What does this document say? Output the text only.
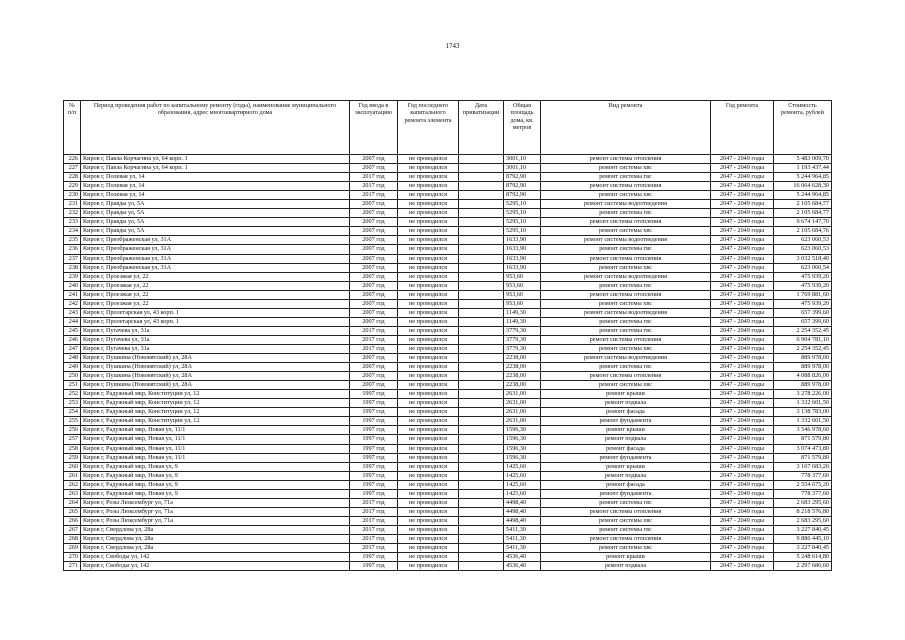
1743
№ п/п	Период проведения работ по капитальному ремонту (годы), наименование муниципального образования, адрес многоквартирного дома	Год ввода в эксплуатацию	Год последнего капитального ремонта элемента	Дата приватизации	Общая площадь дома, кв. метров	Вид ремонта	Год ремонта	Стоимость ремонта, рублей
226	Киров г, Павла Корчагина ул, 64 корп. 1	2007 год	не проводился		3001,10	ремонт системы отопления	2047 - 2049 годы	5 483 009,70
227	Киров г, Павла Корчагина ул, 64 корп. 1	2007 год	не проводился		3001,10	ремонт системы хвс	2047 - 2049 годы	1 193 437,44
228	Киров г, Полевая ул, 14	2017 год	не проводился		8792,90	ремонт системы гвс	2047 - 2049 годы	5 244 964,85
229	Киров г, Полевая ул, 14	2017 год	не проводился		8792,90	ремонт системы отопления	2047 - 2049 годы	16 064 628,30
230	Киров г, Полевая ул, 14	2017 год	не проводился		8792,90	ремонт системы хвс	2047 - 2049 годы	5 244 964,85
231	Киров г, Правды ул, 5А	2007 год	не проводился		5295,10	ремонт системы водоотведения	2047 - 2049 годы	2 105 684,77
232	Киров г, Правды ул, 5А	2007 год	не проводился		5295,10	ремонт системы гвс	2047 - 2049 годы	2 105 684,77
233	Киров г, Правды ул, 5А	2007 год	не проводился		5295,10	ремонт системы отопления	2047 - 2049 годы	9 674 147,70
234	Киров г, Правды ул, 5А	2007 год	не проводился		5295,10	ремонт системы хвс	2047 - 2049 годы	2 105 684,76
235	Киров г, Преображенская ул, 31А	2007 год	не проводился		1633,90	ремонт системы водоотведения	2047 - 2049 годы	623 060,53
236	Киров г, Преображенская ул, 31А	2007 год	не проводился		1633,90	ремонт системы гвс	2047 - 2049 годы	623 060,53
237	Киров г, Преображенская ул, 31А	2007 год	не проводился		1633,90	ремонт системы отопления	2047 - 2049 годы	3 032 518,40
238	Киров г, Преображенская ул, 31А	2007 год	не проводился		1633,90	ремонт системы хвс	2047 - 2049 годы	623 060,54
239	Киров г, Проезжая ул, 22	2007 год	не проводился		953,60	ремонт системы водоотведения	2047 - 2049 годы	475 939,20
240	Киров г, Проезжая ул, 22	2007 год	не проводился		953,60	ремонт системы гвс	2047 - 2049 годы	475 939,20
241	Киров г, Проезжая ул, 22	2007 год	не проводился		953,60	ремонт системы отопления	2047 - 2049 годы	1 769 881,60
242	Киров г, Проезжая ул, 22	2007 год	не проводился		953,60	ремонт системы хвс	2047 - 2049 годы	475 939,20
243	Киров г, Пролетарская ул, 43 корп. 1	2007 год	не проводился		1149,30	ремонт системы водоотведения	2047 - 2049 годы	657 399,60
244	Киров г, Пролетарская ул, 43 корп. 1	2007 год	не проводился		1149,30	ремонт системы гвс	2047 - 2049 годы	657 399,60
245	Киров г, Пугачева ул, 31а	2017 год	не проводился		3779,30	ремонт системы гвс	2047 - 2049 годы	2 254 352,45
246	Киров г, Пугачева ул, 31а	2017 год	не проводился		3779,30	ремонт системы отопления	2047 - 2049 годы	6 904 781,10
247	Киров г, Пугачева ул, 31а	2017 год	не проводился		3779,30	ремонт системы хвс	2047 - 2049 годы	2 254 352,45
248	Киров г, Пушкина (Нововятский) ул, 28А	2007 год	не проводился		2238,00	ремонт системы водоотведения	2047 - 2049 годы	889 978,00
249	Киров г, Пушкина (Нововятский) ул, 28А	2007 год	не проводился		2238,00	ремонт системы гвс	2047 - 2049 годы	889 978,00
250	Киров г, Пушкина (Нововятский) ул, 28А	2007 год	не проводился		2238,00	ремонт системы отопления	2047 - 2049 годы	4 088 826,00
251	Киров г, Пушкина (Нововятский) ул, 28А	2007 год	не проводился		2238,00	ремонт системы хвс	2047 - 2049 годы	889 978,00
252	Киров г, Радужный мкр, Конституции ул, 12	1997 год	не проводился		2631,00	ремонт крыши	2047 - 2049 годы	3 278 226,00
253	Киров г, Радужный мкр, Конституции ул, 12	1997 год	не проводился		2631,00	ремонт подвала	2047 - 2049 годы	1 332 601,50
254	Киров г, Радужный мкр, Конституции ул, 12	1997 год	не проводился		2631,00	ремонт фасада	2047 - 2049 годы	3 138 783,00
255	Киров г, Радужный мкр, Конституции ул, 12	1997 год	не проводился		2631,00	ремонт фундамента	2047 - 2049 годы	1 332 601,50
256	Киров г, Радужный мкр, Новая ул, 11/1	1997 год	не проводился		1596,30	ремонт крыши	2047 - 2049 годы	3 546 978,60
257	Киров г, Радужный мкр, Новая ул, 11/1	1997 год	не проводился		1596,30	ремонт подвала	2047 - 2049 годы	871 579,80
258	Киров г, Радужный мкр, Новая ул, 11/1	1997 год	не проводился		1596,30	ремонт фасада	2047 - 2049 годы	3 074 473,80
259	Киров г, Радужный мкр, Новая ул, 11/1	1997 год	не проводился		1596,30	ремонт фундамента	2047 - 2049 годы	871 579,80
260	Киров г, Радужный мкр, Новая ул, 9	1997 год	не проводился		1425,60	ремонт крыши	2047 - 2049 годы	3 167 683,20
261	Киров г, Радужный мкр, Новая ул, 9	1997 год	не проводился		1425,60	ремонт подвала	2047 - 2049 годы	778 377,60
262	Киров г, Радужный мкр, Новая ул, 9	1997 год	не проводился		1425,60	ремонт фасада	2047 - 2049 годы	2 554 675,20
263	Киров г, Радужный мкр, Новая ул, 9	1997 год	не проводился		1425,60	ремонт фундамента	2047 - 2049 годы	778 377,60
264	Киров г, Розы Люксембург ул, 71а	2017 год	не проводился		4498,40	ремонт системы гвс	2047 - 2049 годы	2 683 295,60
265	Киров г, Розы Люксембург ул, 71а	2017 год	не проводился		4498,40	ремонт системы отопления	2047 - 2049 годы	8 218 576,80
266	Киров г, Розы Люксембург ул, 71а	2017 год	не проводился		4498,40	ремонт системы хвс	2047 - 2049 годы	2 683 295,60
267	Киров г, Свердлова ул, 28а	2017 год	не проводился		5411,30	ремонт системы гвс	2047 - 2049 годы	3 227 840,45
268	Киров г, Свердлова ул, 28а	2017 год	не проводился		5411,30	ремонт системы отопления	2047 - 2049 годы	9 886 445,10
269	Киров г, Свердлова ул, 28а	2017 год	не проводился		5411,30	ремонт системы хвс	2047 - 2049 годы	3 227 840,45
270	Киров г, Свободы ул, 142	1997 год	не проводился		4536,40	ремонт крыши	2047 - 2049 годы	5 248 614,80
271	Киров г, Свободы ул, 142	1997 год	не проводился		4536,40	ремонт подвала	2047 - 2049 годы	2 297 686,60
